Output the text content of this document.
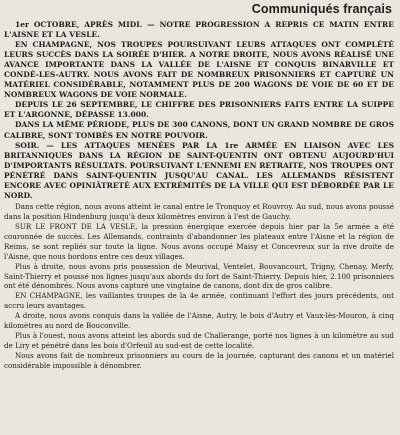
Communiqués français

1er OCTOBRE, APRÈS MIDI. — NOTRE PROGRESSION A REPRIS CE MATIN ENTRE L'AISNE ET LA VESLE.

EN CHAMPAGNE, NOS TROUPES POURSUIVANT LEURS ATTAQUES ONT COMPLÉTÉ LEURS SUCCÈS DANS LA SOIRÉE D'HIER. A NOTRE DROITE, NOUS AVONS RÉALISÉ UNE AVANCE IMPORTANTE DANS LA VALLÉE DE L'AISNE ET CONQUIS BINARVILLE ET CONDÉ-LES-AUTRY. NOUS AVONS FAIT DE NOMBREUX PRISONNIERS ET CAPTURÉ UN MATÉRIEL CONSIDÉRABLE, NOTAMMENT PLUS DE 200 WAGONS DE VOIE DE 60 ET DE NOMBREUX WAGONS DE VOIE NORMALE.

DEPUIS LE 26 SEPTEMBRE, LE CHIFFRE DES PRISONNIERS FAITS ENTRE LA SUIPPE ET L'ARGONNE, DÉPASSE 13.000.

DANS LA MÊME PÉRIODE, PLUS DE 300 CANONS, DONT UN GRAND NOMBRE DE GROS CALIBRE, SONT TOMBÉS EN NOTRE POUVOIR.

SOIR. — LES ATTAQUES MENÉES PAR LA 1re ARMÉE EN LIAISON AVEC LES BRITANNIQUES DANS LA RÉGION DE SAINT-QUENTIN ONT OBTENU AUJOURD'HUI D'IMPORTANTS RÉSULTATS. POURSUIVANT L'ENNEMI EN RETRAITE, NOS TROUPES ONT PÉNÉTRÉ DANS SAINT-QUENTIN JUSQU'AU CANAL. LES ALLEMANDS RÉSISTENT ENCORE AVEC OPINIÂTRETÉ AUX EXTRÉMITÉS DE LA VILLE QUI EST DÉBORDÉE PAR LE NORD.

Dans cette région, nous avons atteint le canal entre le Tronquoy et Rouvroy. Au sud, nous avons poussé dans la position Hindenburg jusqu'à deux kilomètres environ à l'est de Gauchy.

SUR LE FRONT DE LA VESLE, la pression énergique exercée depuis hier par la 5e armée a été couronnée de succès. Les Allemands, contraints d'abandonner les plateaux entre l'Aisne et la région de Reims, se sont repliés sur toute la ligne. Nous avons occupé Maisy et Concevreux sur la rive droite de l'Aisne, que nous bordons entre ces deux villages.

Plus à droite, nous avons pris possession de Meurival, Ventelet, Bouvancourt, Trigny, Chenay, Merfy, Saint-Thierry et poussé nos lignes jusqu'aux abords du fort de Saint-Thierry. Depuis hier, 2.100 prisonniers ont été dénombrés. Nous avons capturé une vingtaine de canons, dont dix de gros calibre.

EN CHAMPAGNE, les vaillantes troupes de la 4e armée, continuant l'effort des jours précédents, ont accru leurs avantages.

A droite, nous avons conquis dans la vallée de l'Aisne, Autry, le bois d'Autry et Vaux-lès-Mouron, à cinq kilomètres au nord de Bouconville.

Plus à l'ouest, nous avons atteint les abords sud de Challerange, porté nos lignes à un kilomètre au sud de Liry et pénétré dans les bois d'Orfeuil au sud-est de cette localité.

Nous avons fait de nombreux prisonniers au cours de la journée, capturant des canons et un matériel considérable impossible à dénombrer.
